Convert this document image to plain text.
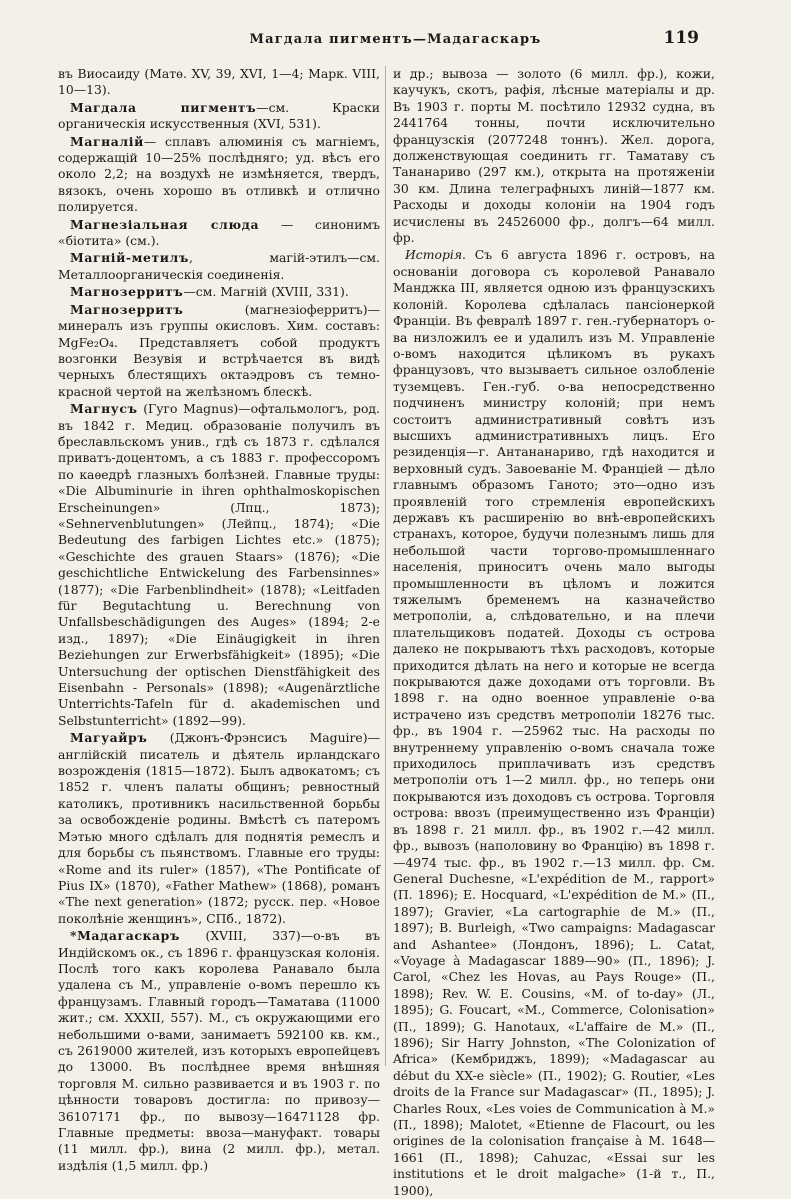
Магдала пигментъ—Мадагаскаръ	119

въ Виосаиду (Матѳ. XV, 39, XVI, 1—4; Марк. VIII, 10—13).

Магдала пигментъ—см. Краски органическія искусственныя (XVI, 531).

Магналій— сплавъ алюминія съ магніемъ, содержащій 10—25% послѣдняго; уд. вѣсъ его около 2,2; на воздухѣ не измѣняется, твердъ, вязокъ, очень хорошо въ отливкѣ и отлично полируется.

Магнезіальная слюда — синонимъ «біотита» (см.).

Магній-метилъ, магій-этилъ—см. Металлоорганическія соединенія.

Магнозерритъ—см. Магній (XVIII, 331).

Магнозерритъ (магнезіоферритъ)—минералъ изъ группы окисловъ. Хим. составъ: MgFe₂O₄. Представляетъ собой продуктъ возгонки Везувія и встрѣчается въ видѣ черныхъ блестящихъ октаэдровъ съ темно-красной чертой на желѣзномъ блескѣ.

Магнусъ (Гуго Magnus)—офтальмологъ, род. въ 1842 г. Медиц. образованіе получилъ въ бреславльскомъ унив., гдѣ съ 1873 г. сдѣлался приватъ-доцентомъ, а съ 1883 г. профессоромъ по каѳедрѣ глазныхъ болѣзней. Главные труды: «Die Albuminurie in ihren ophthalmoskopischen Erscheinungen» (Лпц., 1873); «Sehnervenblutungen» (Лейпц., 1874); «Die Bedeutung des farbigen Lichtes etc.» (1875); «Geschichte des grauen Staars» (1876); «Die geschichtliche Entwickelung des Farbensinnes» (1877); «Die Farbenblindheit» (1878); «Leitfaden für Begutachtung u. Berechnung von Unfallsbeschädigungen des Auges» (1894; 2-е изд., 1897); «Die Einäugigkeit in ihren Beziehungen zur Erwerbsfähigkeit» (1895); «Die Untersuchung der optischen Dienstfähigkeit des Eisenbahn - Personals» (1898); «Augenärztliche Unterrichts-Tafeln für d. akademischen und Selbstunterricht» (1892—99).

Магуайръ (Джонъ-Фрэнсисъ Maguire)—англійскій писатель и дѣятель ирландскаго возрожденія (1815—1872). Былъ адвокатомъ; съ 1852 г. членъ палаты общинъ; ревностный католикъ, противникъ насильственной борьбы за освобожденіе родины. Вмѣстѣ съ патеромъ Мэтью много сдѣлалъ для поднятія ремеслъ и для борьбы съ пьянствомъ. Главные его труды: «Rome and its ruler» (1857), «The Pontificate of Pius IX» (1870), «Father Mathew» (1868), романъ «The next generation» (1872; русск. пер. «Новое поколѣніе женщинъ», СПб., 1872).

*Мадагаскаръ (XVIII, 337)—о-въ въ Индійскомъ ок., съ 1896 г. французская колонія. Послѣ того какъ королева Ранавало была удалена съ М., управленіе о-вомъ перешло къ французамъ. Главный городъ—Таматава (11000 жит.; см. XXXII, 557). М., съ окружающими его небольшими о-вами, занимаетъ 592100 кв. км., съ 2619000 жителей, изъ которыхъ европейцевъ до 13000. Въ послѣднее время внѣшняя торговля М. сильно развивается и въ 1903 г. по цѣнности товаровъ достигла: по привозу—36107171 фр., по вывозу—16471128 фр. Главные предметы: ввоза—мануфакт. товары (11 милл. фр.), вина (2 милл. фр.), метал. издѣлія (1,5 милл. фр.)

и др.; вывоза — золото (6 милл. фр.), кожи, каучукъ, скотъ, рафія, лѣсные матеріалы и др. Въ 1903 г. порты М. посѣтило 12932 судна, въ 2441764 тонны, почти исключительно французскія (2077248 тоннъ). Жел. дорога, долженствующая соединить гг. Таматаву съ Тананариво (297 км.), открыта на протяженіи 30 км. Длина телеграфныхъ линій—1877 км. Расходы и доходы колоніи на 1904 годъ исчислены въ 24526000 фр., долгъ—64 милл. фр.

Исторія. Съ 6 августа 1896 г. островъ, на основаніи договора съ королевой Ранавало Манджка III, является одною изъ французскихъ колоній. Королева сдѣлалась пансіонеркой Франціи. Въ февралѣ 1897 г. ген.-губернаторъ о-ва низложилъ ее и удалилъ изъ М. Управленіе о-вомъ находится цѣликомъ въ рукахъ французовъ, что вызываетъ сильное озлобленіе туземцевъ. Ген.-губ. о-ва непосредственно подчиненъ министру колоній; при немъ состоитъ административный совѣтъ изъ высшихъ административныхъ лицъ. Его резиденція—г. Антананариво, гдѣ находится и верховный судъ. Завоеваніе М. Франціей — дѣло главнымъ образомъ Ганото; это—одно изъ проявленій того стремленія европейскихъ державъ къ расширенію во внѣ-европейскихъ странахъ, которое, будучи полезнымъ лишь для небольшой части торгово-промышленнаго населенія, приноситъ очень мало выгоды промышленности въ цѣломъ и ложится тяжелымъ бременемъ на казначейство метрополіи, а, слѣдовательно, и на плечи плательщиковъ податей. Доходы съ острова далеко не покрываютъ тѣхъ расходовъ, которые приходится дѣлать на него и которые не всегда покрываются даже доходами отъ торговли. Въ 1898 г. на одно военное управленіе о-ва истрачено изъ средствъ метрополіи 18276 тыс. фр., въ 1904 г. —25962 тыс. На расходы по внутреннему управленію о-вомъ сначала тоже приходилось приплачивать изъ средствъ метрополіи отъ 1—2 милл. фр., но теперь они покрываются изъ доходовъ съ острова. Торговля острова: ввозъ (преимущественно изъ Франціи) въ 1898 г. 21 милл. фр., въ 1902 г.—42 милл. фр., вывозъ (наполовину во Францію) въ 1898 г.—4974 тыс. фр., въ 1902 г.—13 милл. фр. См. General Duchesne, «L'expédition de M., rapport» (П. 1896); E. Hocquard, «L'expédition de M.» (П., 1897); Gravier, «La cartographie de M.» (П., 1897); B. Burleigh, «Two campaigns: Madagascar and Ashantee» (Лондонъ, 1896); L. Catat, «Voyage à Madagascar 1889—90» (П., 1896); J. Carol, «Chez les Hovas, au Pays Rouge» (П., 1898); Rev. W. E. Cousins, «M. of to-day» (Л., 1895); G. Foucart, «M., Commerce, Colonisation» (П., 1899); G. Hanotaux, «L'affaire de M.» (П., 1896); Sir Harry Johnston, «The Colonization of Africa» (Кембриджъ, 1899); «Madagascar au début du XX-e siècle» (П., 1902); G. Routier, «Les droits de la France sur Madagascar» (П., 1895); J. Charles Roux, «Les voies de Communication à M.» (П., 1898); Malotet, «Etienne de Flacourt, ou les origines de la colonisation française à M. 1648—1661 (П., 1898); Cahuzac, «Essai sur les institutions et le droit malgache» (1-й т., П., 1900),
